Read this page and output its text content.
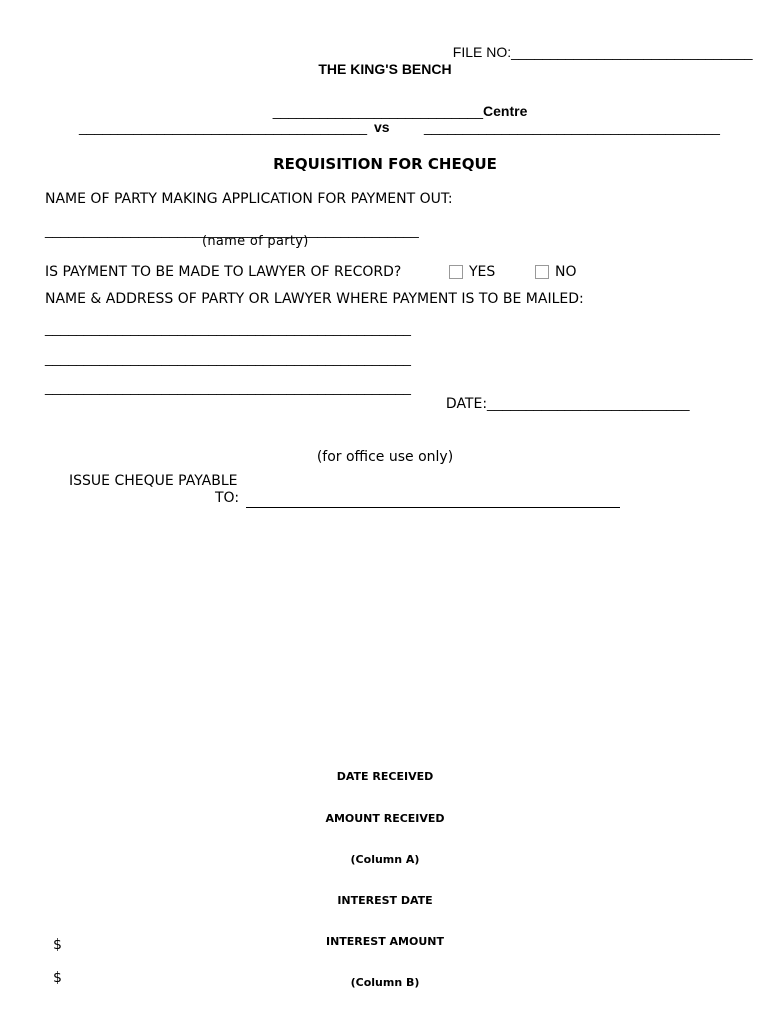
FILE NO:_______________________________

THE KING'S BENCH

___________________________Centre

_____________________________________ vs ______________________________________
REQUISITION FOR CHEQUE
NAME OF PARTY MAKING APPLICATION FOR PAYMENT OUT:
________________________________________________
(name of party)
IS PAYMENT TO BE MADE TO LAWYER OF RECORD?	YES	NO
NAME & ADDRESS OF PARTY OR LAWYER WHERE PAYMENT IS TO BE MAILED:
_______________________________________________
_______________________________________________
_______________________________________________

DATE:__________________________

(for office use only)
ISSUE CHEQUE PAYABLE
TO:

DATE RECEIVED

AMOUNT RECEIVED

(Column A)

INTEREST DATE

INTEREST AMOUNT

(Column B)

$
$
